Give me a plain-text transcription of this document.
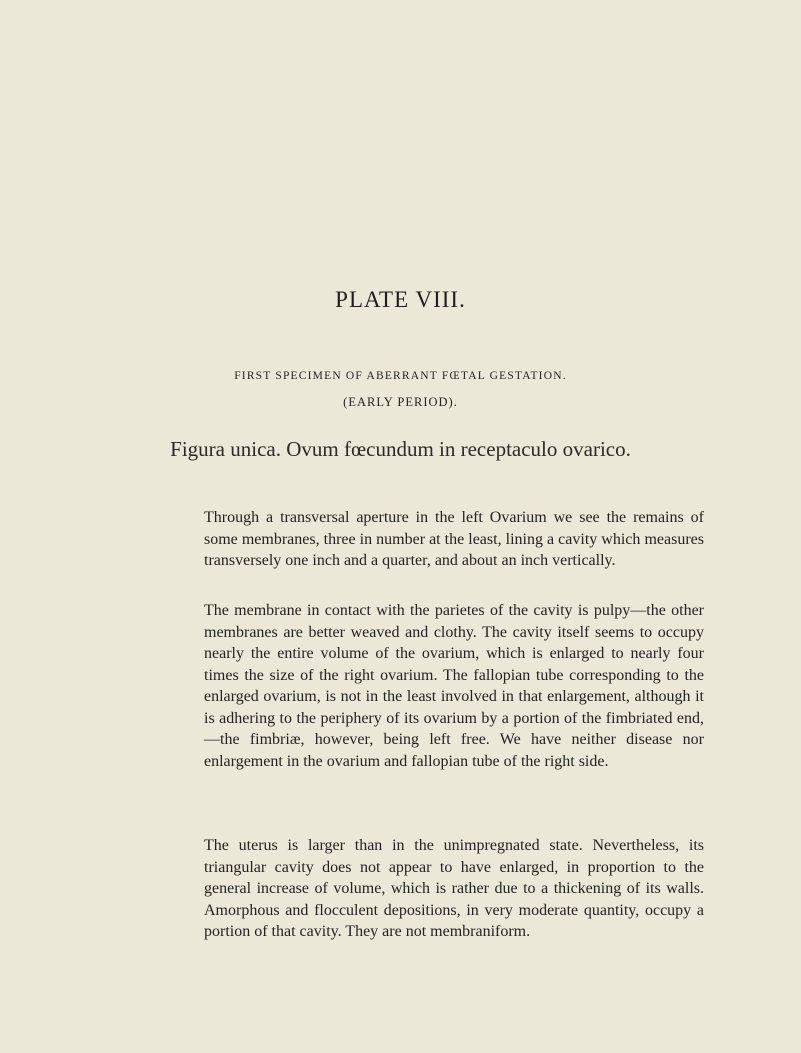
PLATE VIII.
FIRST SPECIMEN OF ABERRANT FŒTAL GESTATION.
(EARLY PERIOD).
Figura unica. Ovum fœcundum in receptaculo ovarico.

Through a transversal aperture in the left Ovarium we see the remains of some membranes, three in number at the least, lining a cavity which measures transversely one inch and a quarter, and about an inch vertically.

The membrane in contact with the parietes of the cavity is pulpy—the other membranes are better weaved and clothy. The cavity itself seems to occupy nearly the entire volume of the ovarium, which is enlarged to nearly four times the size of the right ovarium. The fallopian tube corresponding to the enlarged ovarium, is not in the least involved in that enlargement, although it is adhering to the periphery of its ovarium by a portion of the fimbriated end,—the fimbriæ, however, being left free. We have neither disease nor enlargement in the ovarium and fallopian tube of the right side.

The uterus is larger than in the unimpregnated state. Nevertheless, its triangular cavity does not appear to have enlarged, in proportion to the general increase of volume, which is rather due to a thickening of its walls. Amorphous and flocculent depositions, in very moderate quantity, occupy a portion of that cavity. They are not membraniform.
